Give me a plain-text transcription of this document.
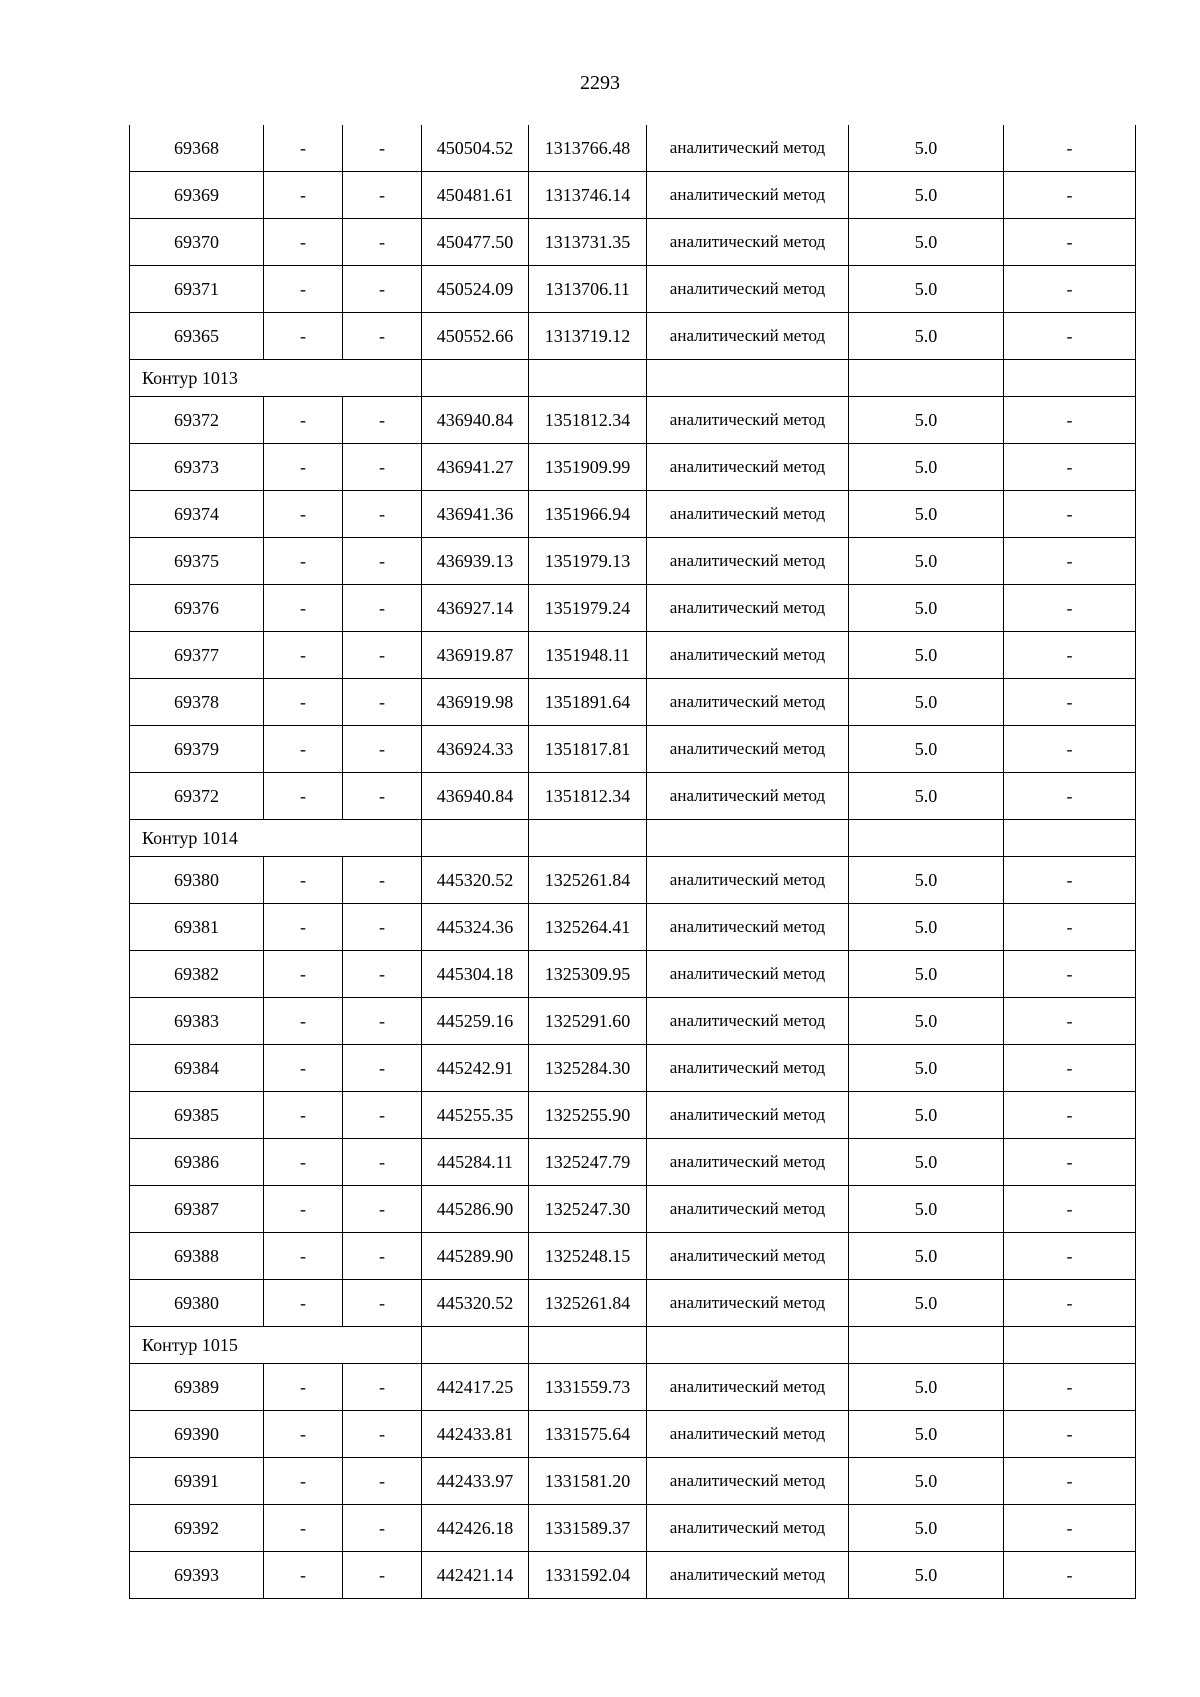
2293
69368	-	-	450504.52	1313766.48	аналитический метод	5.0	-
69369	-	-	450481.61	1313746.14	аналитический метод	5.0	-
69370	-	-	450477.50	1313731.35	аналитический метод	5.0	-
69371	-	-	450524.09	1313706.11	аналитический метод	5.0	-
69365	-	-	450552.66	1313719.12	аналитический метод	5.0	-
Контур 1013							
69372	-	-	436940.84	1351812.34	аналитический метод	5.0	-
69373	-	-	436941.27	1351909.99	аналитический метод	5.0	-
69374	-	-	436941.36	1351966.94	аналитический метод	5.0	-
69375	-	-	436939.13	1351979.13	аналитический метод	5.0	-
69376	-	-	436927.14	1351979.24	аналитический метод	5.0	-
69377	-	-	436919.87	1351948.11	аналитический метод	5.0	-
69378	-	-	436919.98	1351891.64	аналитический метод	5.0	-
69379	-	-	436924.33	1351817.81	аналитический метод	5.0	-
69372	-	-	436940.84	1351812.34	аналитический метод	5.0	-
Контур 1014							
69380	-	-	445320.52	1325261.84	аналитический метод	5.0	-
69381	-	-	445324.36	1325264.41	аналитический метод	5.0	-
69382	-	-	445304.18	1325309.95	аналитический метод	5.0	-
69383	-	-	445259.16	1325291.60	аналитический метод	5.0	-
69384	-	-	445242.91	1325284.30	аналитический метод	5.0	-
69385	-	-	445255.35	1325255.90	аналитический метод	5.0	-
69386	-	-	445284.11	1325247.79	аналитический метод	5.0	-
69387	-	-	445286.90	1325247.30	аналитический метод	5.0	-
69388	-	-	445289.90	1325248.15	аналитический метод	5.0	-
69380	-	-	445320.52	1325261.84	аналитический метод	5.0	-
Контур 1015							
69389	-	-	442417.25	1331559.73	аналитический метод	5.0	-
69390	-	-	442433.81	1331575.64	аналитический метод	5.0	-
69391	-	-	442433.97	1331581.20	аналитический метод	5.0	-
69392	-	-	442426.18	1331589.37	аналитический метод	5.0	-
69393	-	-	442421.14	1331592.04	аналитический метод	5.0	-
